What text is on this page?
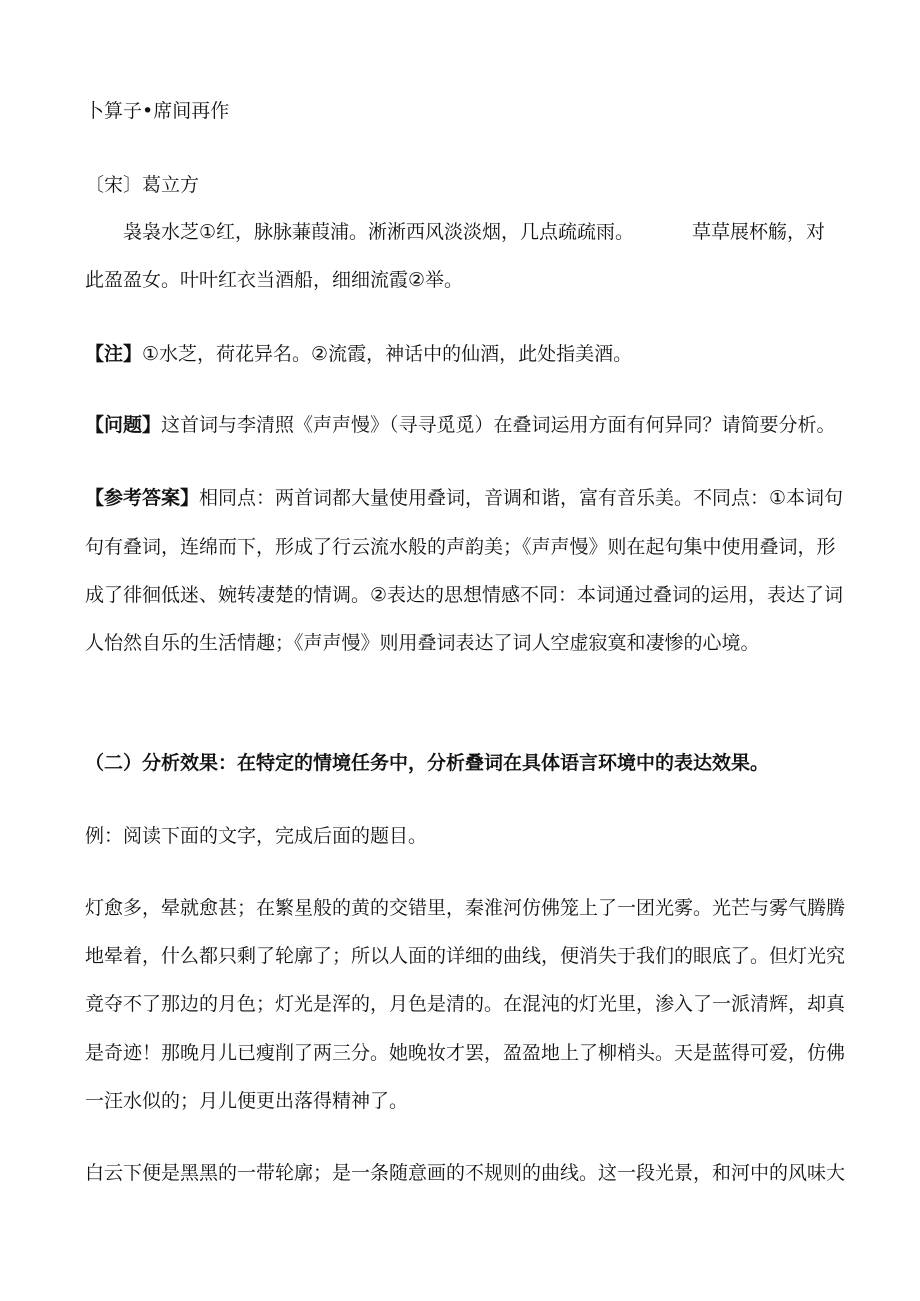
卜算子•席间再作
〔宋〕葛立方
袅袅水芝①红，脉脉蒹葭浦。淅淅西风淡淡烟，几点疏疏雨。	草草展杯觞，对
此盈盈女。叶叶红衣当酒船，细细流霞②举。
【注】①水芝，荷花异名。②流霞，神话中的仙酒，此处指美酒。
【问题】这首词与李清照《声声慢》（寻寻觅觅）在叠词运用方面有何异同？请简要分析。
【参考答案】相同点：两首词都大量使用叠词，音调和谐，富有音乐美。不同点：①本词句
句有叠词，连绵而下，形成了行云流水般的声韵美；《声声慢》则在起句集中使用叠词，形
成了徘徊低迷、婉转凄楚的情调。②表达的思想情感不同：本词通过叠词的运用，表达了词
人怡然自乐的生活情趣；《声声慢》则用叠词表达了词人空虚寂寞和凄惨的心境。
（二）分析效果：在特定的情境任务中，分析叠词在具体语言环境中的表达效果。
例：阅读下面的文字，完成后面的题目。
灯愈多，晕就愈甚；在繁星般的黄的交错里，秦淮河仿佛笼上了一团光雾。光芒与雾气腾腾
地晕着，什么都只剩了轮廓了；所以人面的详细的曲线，便消失于我们的眼底了。但灯光究
竟夺不了那边的月色；灯光是浑的，月色是清的。在混沌的灯光里，渗入了一派清辉，却真
是奇迹！那晚月儿已瘦削了两三分。她晚妆才罢，盈盈地上了柳梢头。天是蓝得可爱，仿佛
一汪水似的；月儿便更出落得精神了。
白云下便是黑黑的一带轮廓；是一条随意画的不规则的曲线。这一段光景，和河中的风味大
